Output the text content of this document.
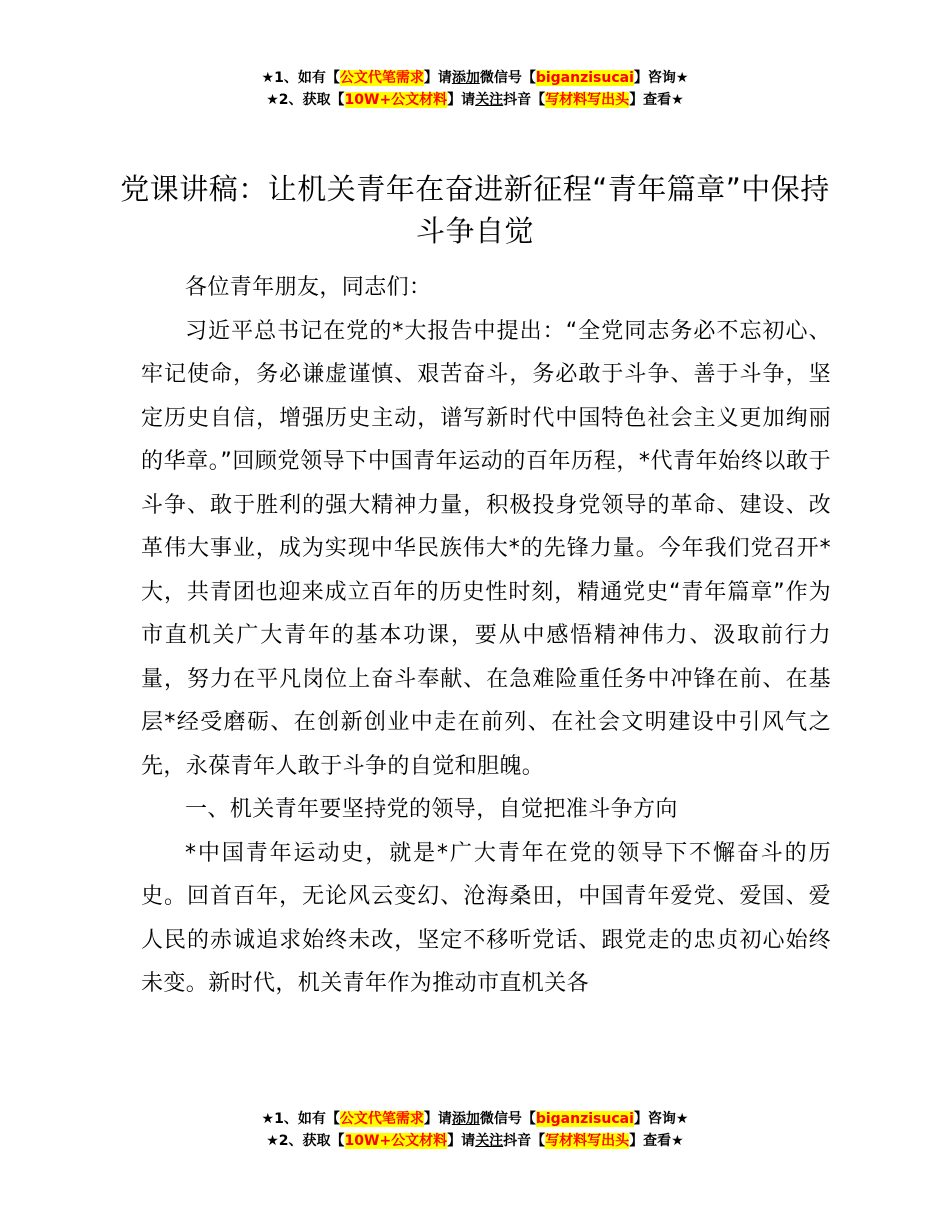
★1、如有【公文代笔需求】请添加微信号【biganzisucai】咨询★
★2、获取【10W+公文材料】请关注抖音【写材料写出头】查看★
党课讲稿：让机关青年在奋进新征程“青年篇章”中保持斗争自觉

各位青年朋友，同志们：

习近平总书记在党的*大报告中提出：“全党同志务必不忘初心、牢记使命，务必谦虚谨慎、艰苦奋斗，务必敢于斗争、善于斗争，坚定历史自信，增强历史主动，谱写新时代中国特色社会主义更加绚丽的华章。”回顾党领导下中国青年运动的百年历程，*代青年始终以敢于斗争、敢于胜利的强大精神力量，积极投身党领导的革命、建设、改革伟大事业，成为实现中华民族伟大*的先锋力量。今年我们党召开*大，共青团也迎来成立百年的历史性时刻，精通党史“青年篇章”作为市直机关广大青年的基本功课，要从中感悟精神伟力、汲取前行力量，努力在平凡岗位上奋斗奉献、在急难险重任务中冲锋在前、在基层*经受磨砺、在创新创业中走在前列、在社会文明建设中引风气之先，永葆青年人敢于斗争的自觉和胆魄。

一、机关青年要坚持党的领导，自觉把准斗争方向

*中国青年运动史，就是*广大青年在党的领导下不懈奋斗的历史。回首百年，无论风云变幻、沧海桑田，中国青年爱党、爱国、爱人民的赤诚追求始终未改，坚定不移听党话、跟党走的忠贞初心始终未变。新时代，机关青年作为推动市直机关各

★1、如有【公文代笔需求】请添加微信号【biganzisucai】咨询★
★2、获取【10W+公文材料】请关注抖音【写材料写出头】查看★
